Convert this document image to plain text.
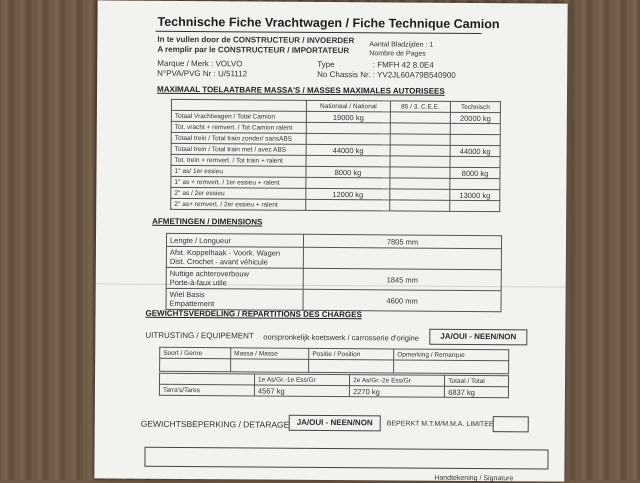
Technische Fiche Vrachtwagen / Fiche Technique Camion
In te vullen door de CONSTRUCTEUR / INVOERDER
A remplir par le CONSTRUCTEUR / IMPORTATEUR	Aantal Bladzijden : 1
Nombre de Pages
Marque / Merk : VOLVO
N°PVA/PVG Nr : U/51112
Type	: FMFH 42 8.0E4
No Chassis Nr. : YV2JL60A79B540900
MAXIMAAL TOELAATBARE MASSA'S / MASSES MAXIMALES AUTORISEES
	Nationaal / National	85 / 3. C.E.E.	Technisch
Totaal Vrachtwagen / Total Camion	19000 kg		20000 kg
Tot. vracht + remvert. / Tot Camion ralent			
Totaal trein / Total train zonder/ sansABS			
Totaal trein / Total train met / avec ABS	44000 kg		44000 kg
Tot. trein + remvert. / Tot train + ralent			
1° as/ 1er essieu	8000 kg		8000 kg
1° as + remvert. / 1er essieu + ralent			
2° as / 2er essieu	12000 kg		13000 kg
2° as+ remvert. / 2er essieu + ralent			
AFMETINGEN / DIMENSIONS
Lengte / Longueur	7805 mm
Afst. Koppelhaak - Voork. Wagen
Dist. Crochet - avant véhicule	
Nuttige achteroverbouw
Porte-à-faux utile	1845 mm
Wiel Basis
Empattement	4600 mm
GEWICHTSVERDELING / REPARTITIONS DES CHARGES
UITRUSTING / EQUIPEMENT oorspronkelijk koetswerk / carrosserie d'origine	JA/OUI - NEEN/NON
Soort / Genre	Massa / Masse	Positie / Position	Opmerking / Remarque

	1e As/Gr.-1e Ess/Gr	2e As/Gr.-2e Ess/Gr	Totaal / Total
Tarra's/Tares	4567 kg	2270 kg	6837 kg
GEWICHTSBEPERKING / DETARAGE JA/OUI - NEEN/NON	BEPERKT M.T.M/M.M.A. LIMITEE
Handtekening / Signature
